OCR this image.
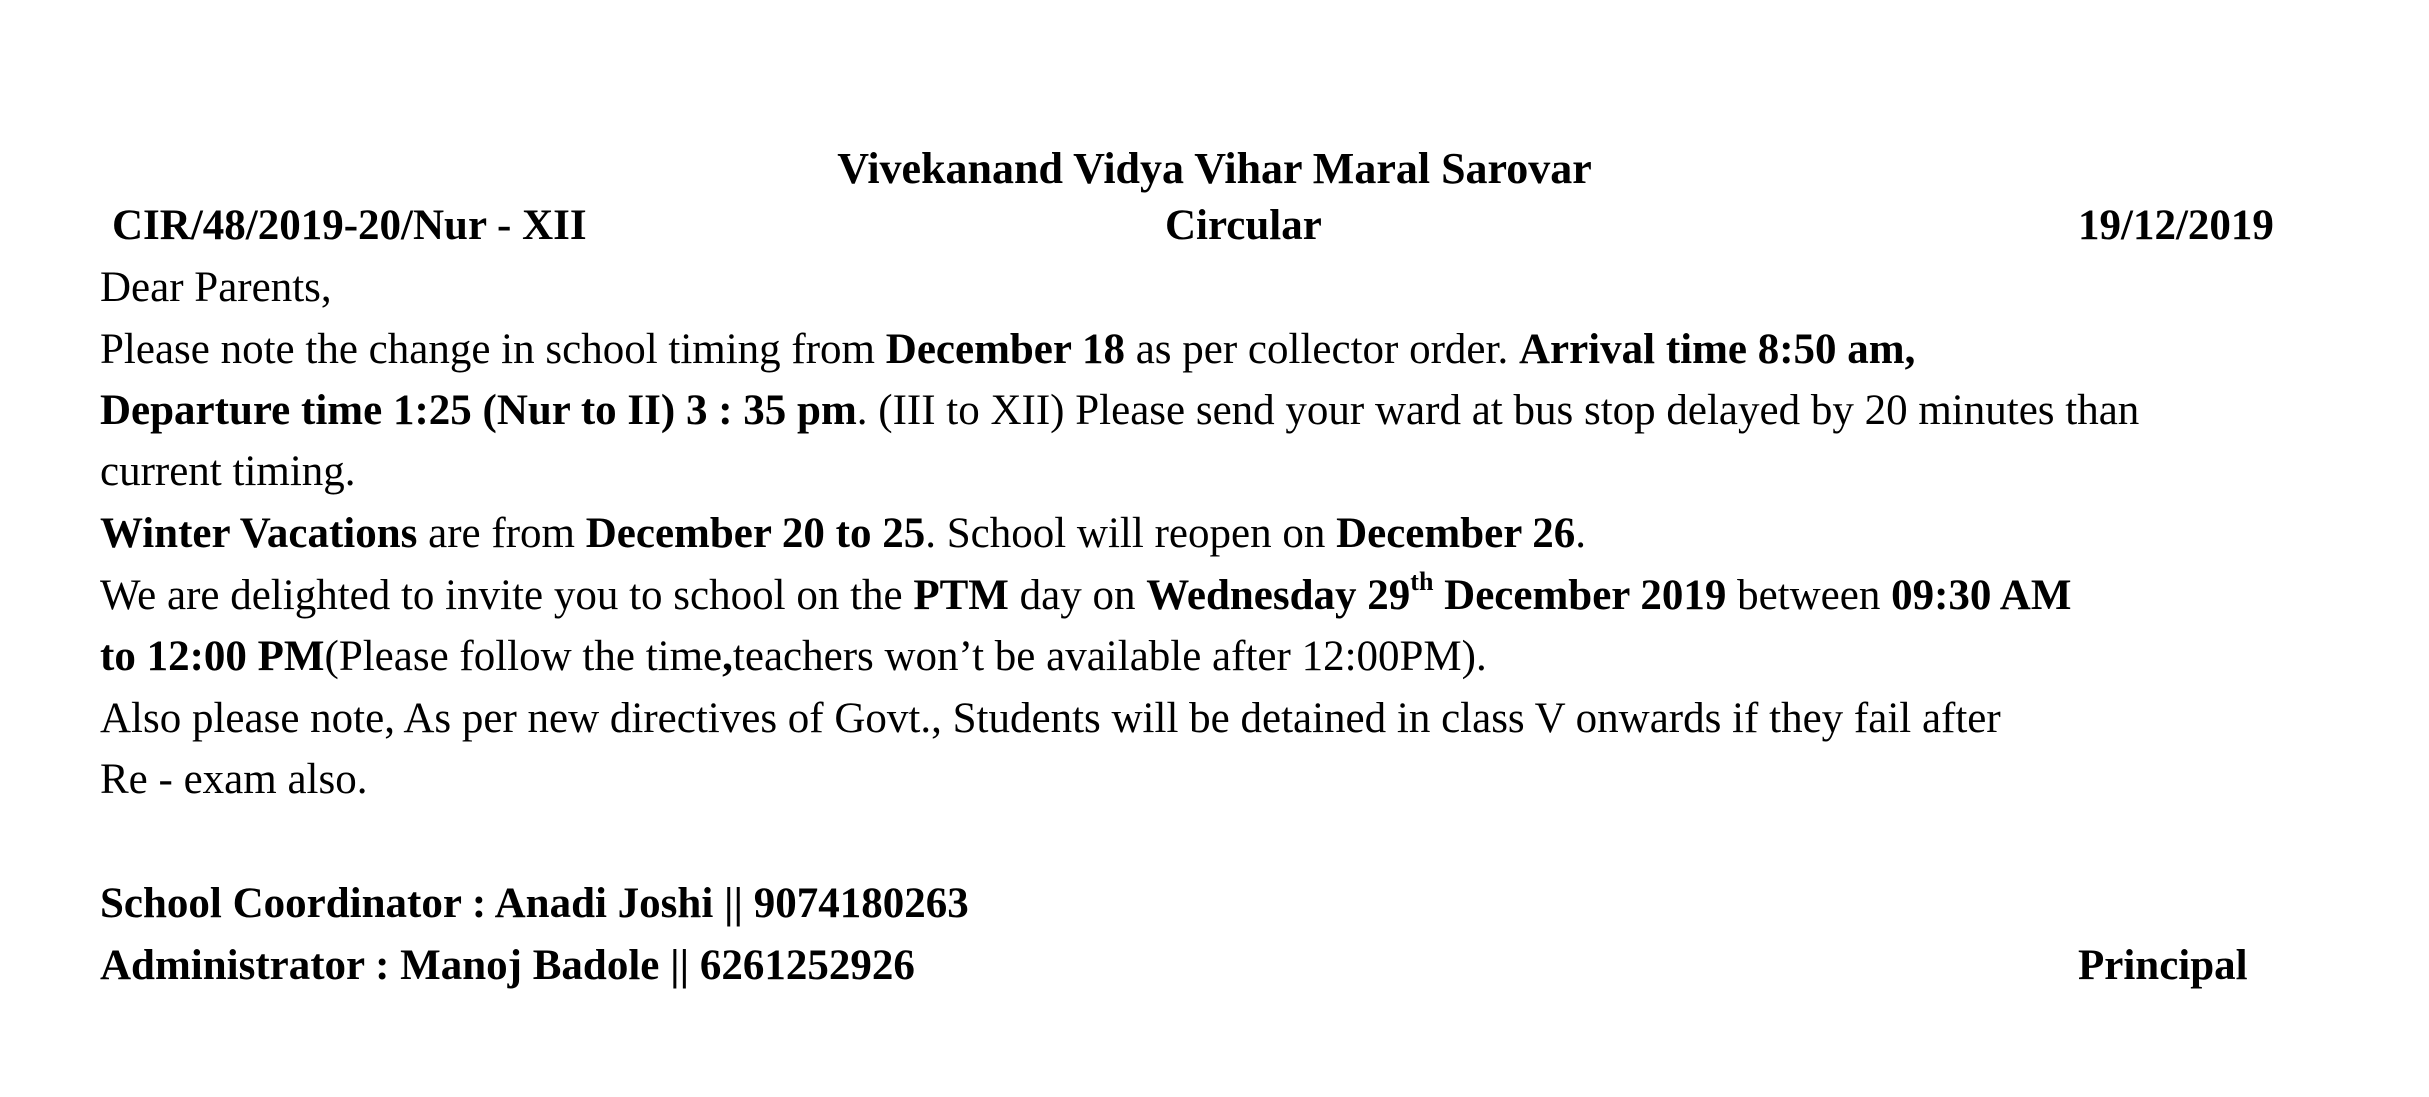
Vivekanand Vidya Vihar Maral Sarovar
CIR/48/2019-20/Nur - XII	Circular	19/12/2019
Dear Parents,
Please note the change in school timing from December 18 as per collector order. Arrival time 8:50 am,
Departure time 1:25 (Nur to II) 3 : 35 pm. (III to XII) Please send your ward at bus stop delayed by 20 minutes than
current timing.
Winter Vacations are from December 20 to 25. School will reopen on December 26.
We are delighted to invite you to school on the PTM day on Wednesday 29th December 2019 between 09:30 AM
to 12:00 PM(Please follow the time,teachers won’t be available after 12:00PM).
Also please note, As per new directives of Govt., Students will be detained in class V onwards if they fail after
Re - exam also.
School Coordinator : Anadi Joshi || 9074180263
Administrator : Manoj Badole || 6261252926	Principal
